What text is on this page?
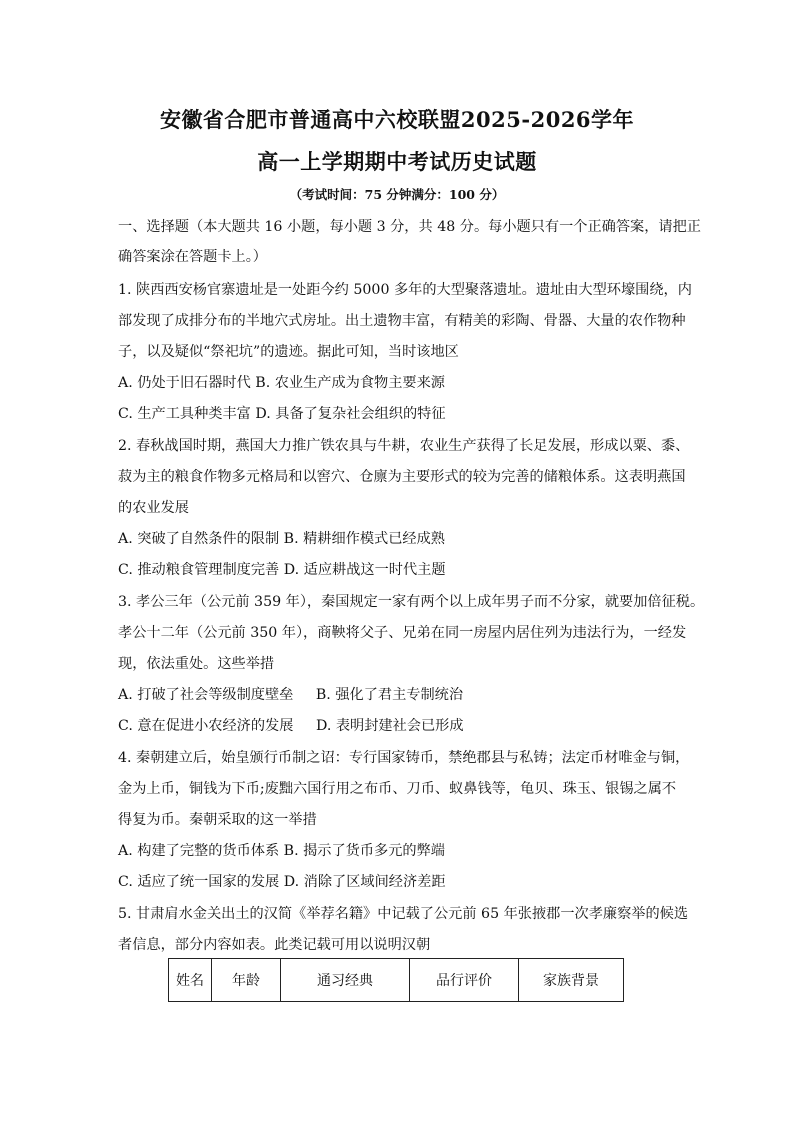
安徽省合肥市普通高中六校联盟2025-2026学年
高一上学期期中考试历史试题
（考试时间：75 分钟满分：100 分）
一、选择题（本大题共 16 小题，每小题 3 分，共 48 分。每小题只有一个正确答案，请把正
确答案涂在答题卡上。）
1. 陕西西安杨官寨遗址是一处距今约 5000 多年的大型聚落遗址。遗址由大型环壕围绕，内
部发现了成排分布的半地穴式房址。出土遗物丰富，有精美的彩陶、骨器、大量的农作物种
子，以及疑似“祭祀坑”的遗迹。据此可知，当时该地区
A. 仍处于旧石器时代 B. 农业生产成为食物主要来源
C. 生产工具种类丰富 D. 具备了复杂社会组织的特征
2. 春秋战国时期，燕国大力推广铁农具与牛耕，农业生产获得了长足发展，形成以粟、黍、
菽为主的粮食作物多元格局和以窖穴、仓廪为主要形式的较为完善的储粮体系。这表明燕国
的农业发展
A. 突破了自然条件的限制 B. 精耕细作模式已经成熟
C. 推动粮食管理制度完善 D. 适应耕战这一时代主题
3. 孝公三年（公元前 359 年），秦国规定一家有两个以上成年男子而不分家，就要加倍征税。
孝公十二年（公元前 350 年），商鞅将父子、兄弟在同一房屋内居住列为违法行为，一经发
现，依法重处。这些举措
A. 打破了社会等级制度壁垒     B. 强化了君主专制统治
C. 意在促进小农经济的发展     D. 表明封建社会已形成
4. 秦朝建立后，始皇颁行币制之诏：专行国家铸币，禁绝郡县与私铸；法定币材唯金与铜，
金为上币，铜钱为下币;废黜六国行用之布币、刀币、蚁鼻钱等，龟贝、珠玉、银锡之属不
得复为币。秦朝采取的这一举措
A. 构建了完整的货币体系 B. 揭示了货币多元的弊端
C. 适应了统一国家的发展 D. 消除了区域间经济差距
5. 甘肃肩水金关出土的汉简《举荐名籍》中记载了公元前 65 年张掖郡一次孝廉察举的候选
者信息，部分内容如表。此类记载可用以说明汉朝
姓名	年龄	通习经典	品行评价	家族背景
